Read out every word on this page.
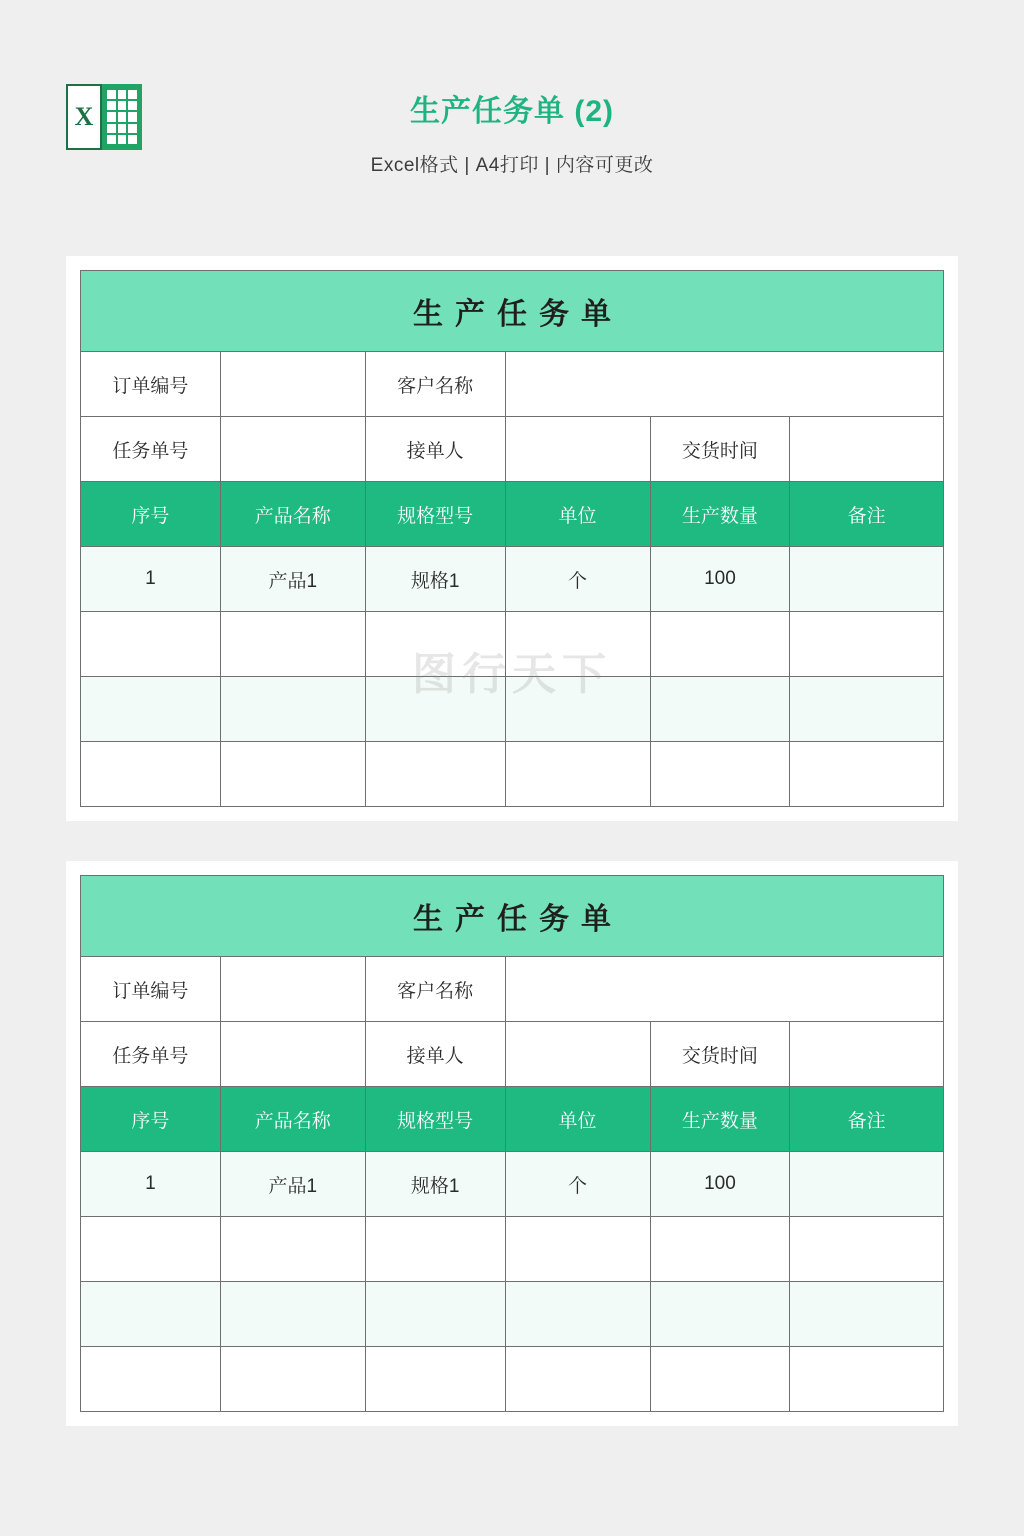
X	生产任务单 (2)
Excel格式 | A4打印 | 内容可更改
图行天下
生产任务单					
订单编号		客户名称			
任务单号		接单人		交货时间	
序号	产品名称	规格型号	单位	生产数量	备注
1	产品1	规格1	个	100	

生产任务单					
订单编号		客户名称			
任务单号		接单人		交货时间	
序号	产品名称	规格型号	单位	生产数量	备注
1	产品1	规格1	个	100	
